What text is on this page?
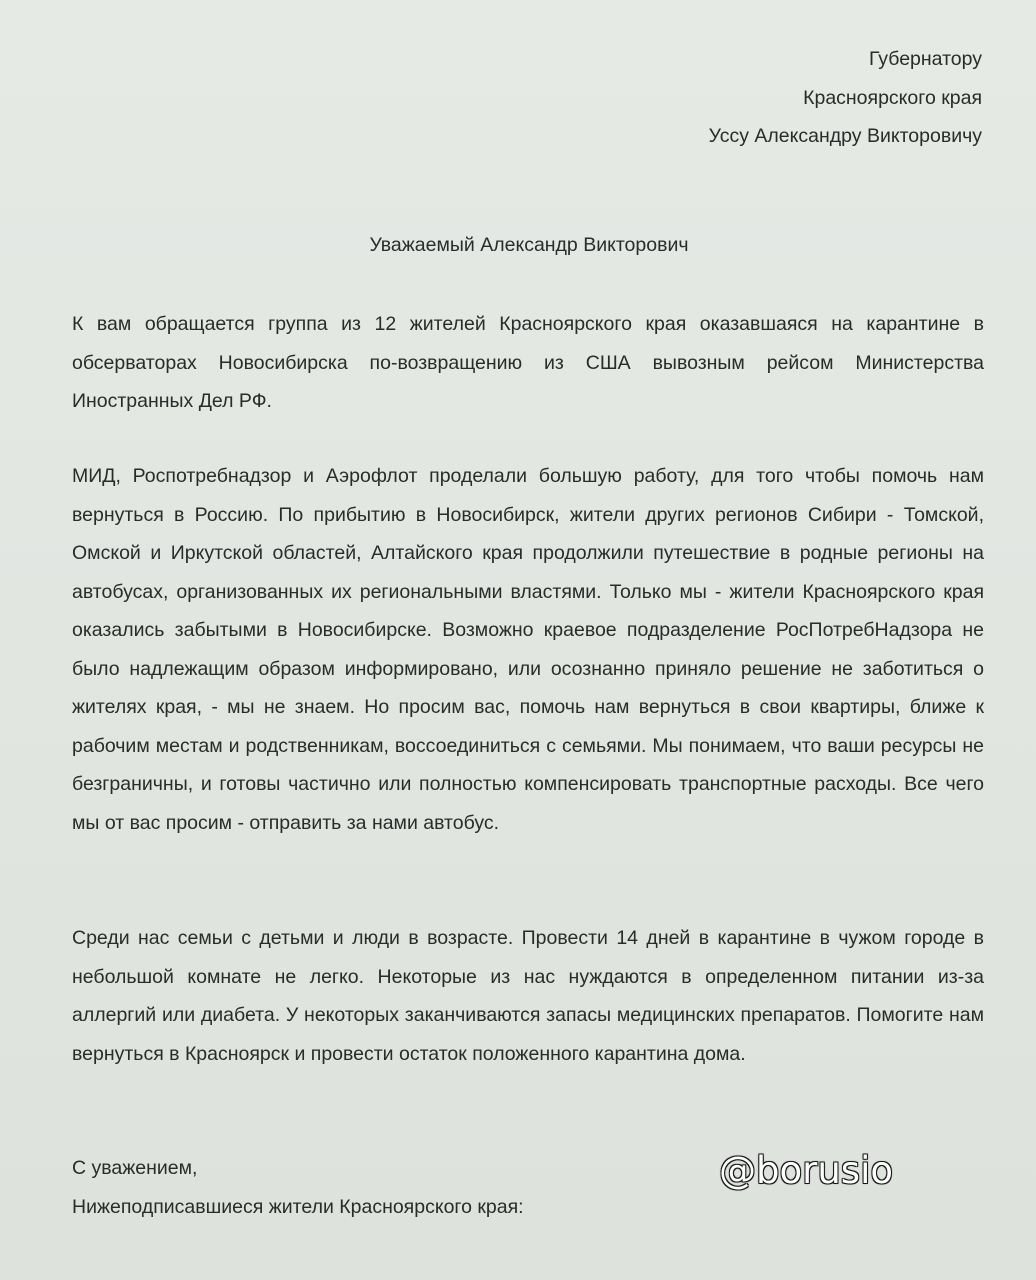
Губернатору
Красноярского края
Уссу Александру Викторовичу
Уважаемый Александр Викторович

К вам обращается группа из 12 жителей Красноярского края оказавшаяся на карантине в обсерваторах Новосибирска по-возвращению из США вывозным рейсом Министерства Иностранных Дел РФ.

МИД, Роспотребнадзор и Аэрофлот проделали большую работу, для того чтобы помочь нам вернуться в Россию. По прибытию в Новосибирск, жители других регионов Сибири - Томской, Омской и Иркутской областей, Алтайского края продолжили путешествие в родные регионы на автобусах, организованных их региональными властями. Только мы - жители Красноярского края оказались забытыми в Новосибирске. Возможно краевое подразделение РосПотребНадзора не было надлежащим образом информировано, или осознанно приняло решение не заботиться о жителях края, - мы не знаем. Но просим вас, помочь нам вернуться в свои квартиры, ближе к рабочим местам и родственникам, воссоединиться с семьями. Мы понимаем, что ваши ресурсы не безграничны, и готовы частично или полностью компенсировать транспортные расходы. Все чего мы от вас просим - отправить за нами автобус.

Среди нас семьи с детьми и люди в возрасте. Провести 14 дней в карантине в чужом городе в небольшой комнате не легко. Некоторые из нас нуждаются в определенном питании из-за аллергий или диабета. У некоторых заканчиваются запасы медицинских препаратов. Помогите нам вернуться в Красноярск и провести остаток положенного карантина дома.

С уважением,
Нижеподписавшиеся жители Красноярского края:
@borusio
